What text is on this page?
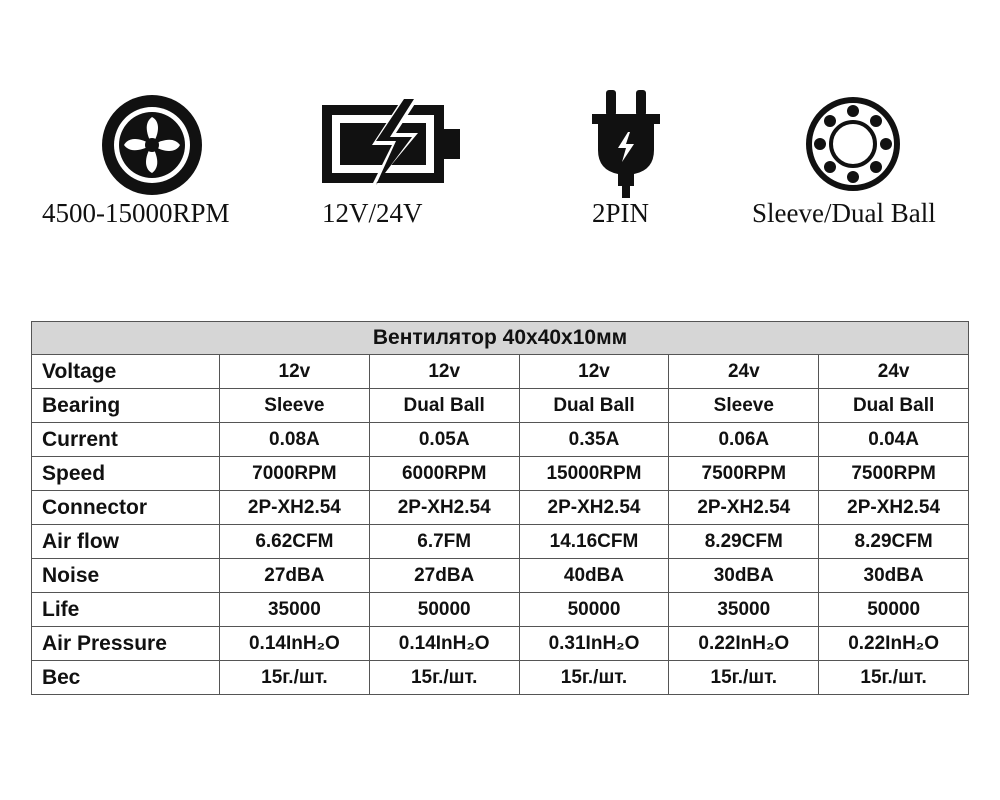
4500-15000RPM	12V/24V	2PIN	Sleeve/Dual Ball
Вентилятор 40x40x10мм					
Voltage	12v	12v	12v	24v	24v
Bearing	Sleeve	Dual Ball	Dual Ball	Sleeve	Dual Ball
Current	0.08A	0.05A	0.35A	0.06A	0.04A
Speed	7000RPM	6000RPM	15000RPM	7500RPM	7500RPM
Connector	2P-XH2.54	2P-XH2.54	2P-XH2.54	2P-XH2.54	2P-XH2.54
Air flow	6.62CFM	6.7FM	14.16CFM	8.29CFM	8.29CFM
Noise	27dBA	27dBA	40dBA	30dBA	30dBA
Life	35000	50000	50000	35000	50000
Air Pressure	0.14InH₂O	0.14InH₂O	0.31InH₂O	0.22InH₂O	0.22InH₂O
Вес	15г./шт.	15г./шт.	15г./шт.	15г./шт.	15г./шт.
